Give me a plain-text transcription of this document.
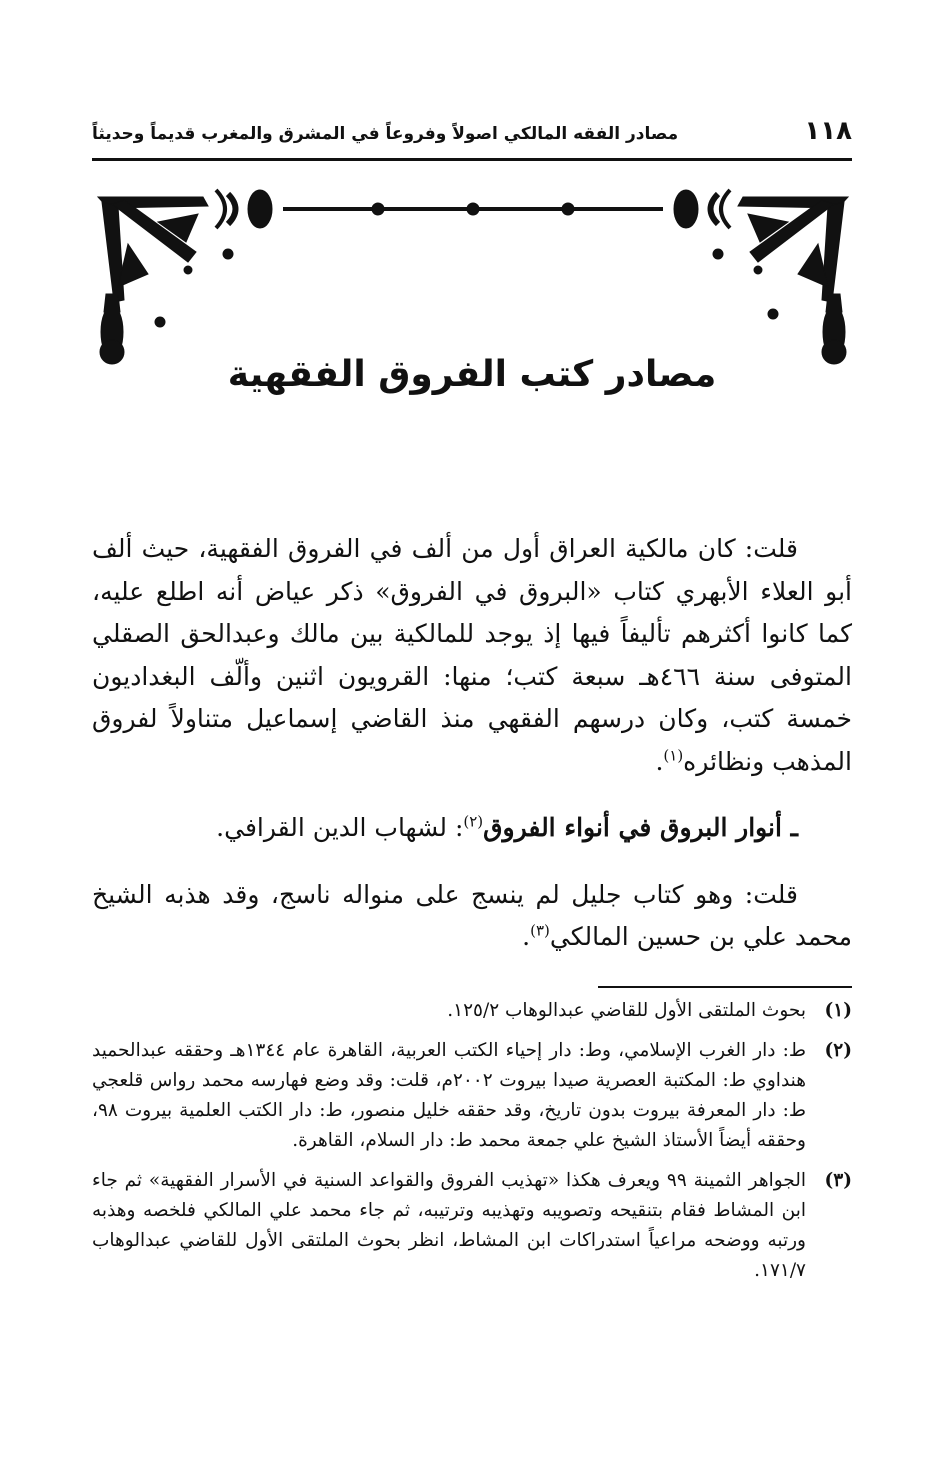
١١٨
مصادر الفقه المالكي اصولاً وفروعاً في المشرق والمغرب قديماً وحديثاً
مصادر كتب الفروق الفقهية

قلت: كان مالكية العراق أول من ألف في الفروق الفقهية، حيث ألف أبو العلاء الأبهري كتاب «البروق في الفروق» ذكر عياض أنه اطلع عليه، كما كانوا أكثرهم تأليفاً فيها إذ يوجد للمالكية بين مالك وعبدالحق الصقلي المتوفى سنة ٤٦٦هـ سبعة كتب؛ منها: القرويون اثنين وألّف البغداديون خمسة كتب، وكان درسهم الفقهي منذ القاضي إسماعيل متناولاً لفروق المذهب ونظائره$^{(١)}$.

ـ أنوار البروق في أنواء الفروق$^{(٢)}$: لشهاب الدين القرافي.

قلت: وهو كتاب جليل لم ينسج على منواله ناسج، وقد هذبه الشيخ محمد علي بن حسين المالكي$^{(٣)}$.

(١)
بحوث الملتقى الأول للقاضي عبدالوهاب ١٢٥/٢.
(٢)
ط: دار الغرب الإسلامي، وط: دار إحياء الكتب العربية، القاهرة عام ١٣٤٤هـ وحققه عبدالحميد هنداوي ط: المكتبة العصرية صيدا بيروت ٢٠٠٢م، قلت: وقد وضع فهارسه محمد رواس قلعجي ط: دار المعرفة بيروت بدون تاريخ، وقد حققه خليل منصور، ط: دار الكتب العلمية بيروت ٩٨، وحققه أيضاً الأستاذ الشيخ علي جمعة محمد ط: دار السلام، القاهرة.
(٣)
الجواهر الثمينة ٩٩ ويعرف هكذا «تهذيب الفروق والقواعد السنية في الأسرار الفقهية» ثم جاء ابن المشاط فقام بتنقيحه وتصويبه وتهذيبه وترتيبه، ثم جاء محمد علي المالكي فلخصه وهذبه ورتبه ووضحه مراعياً استدراكات ابن المشاط، انظر بحوث الملتقى الأول للقاضي عبدالوهاب ١٧١/٧.
